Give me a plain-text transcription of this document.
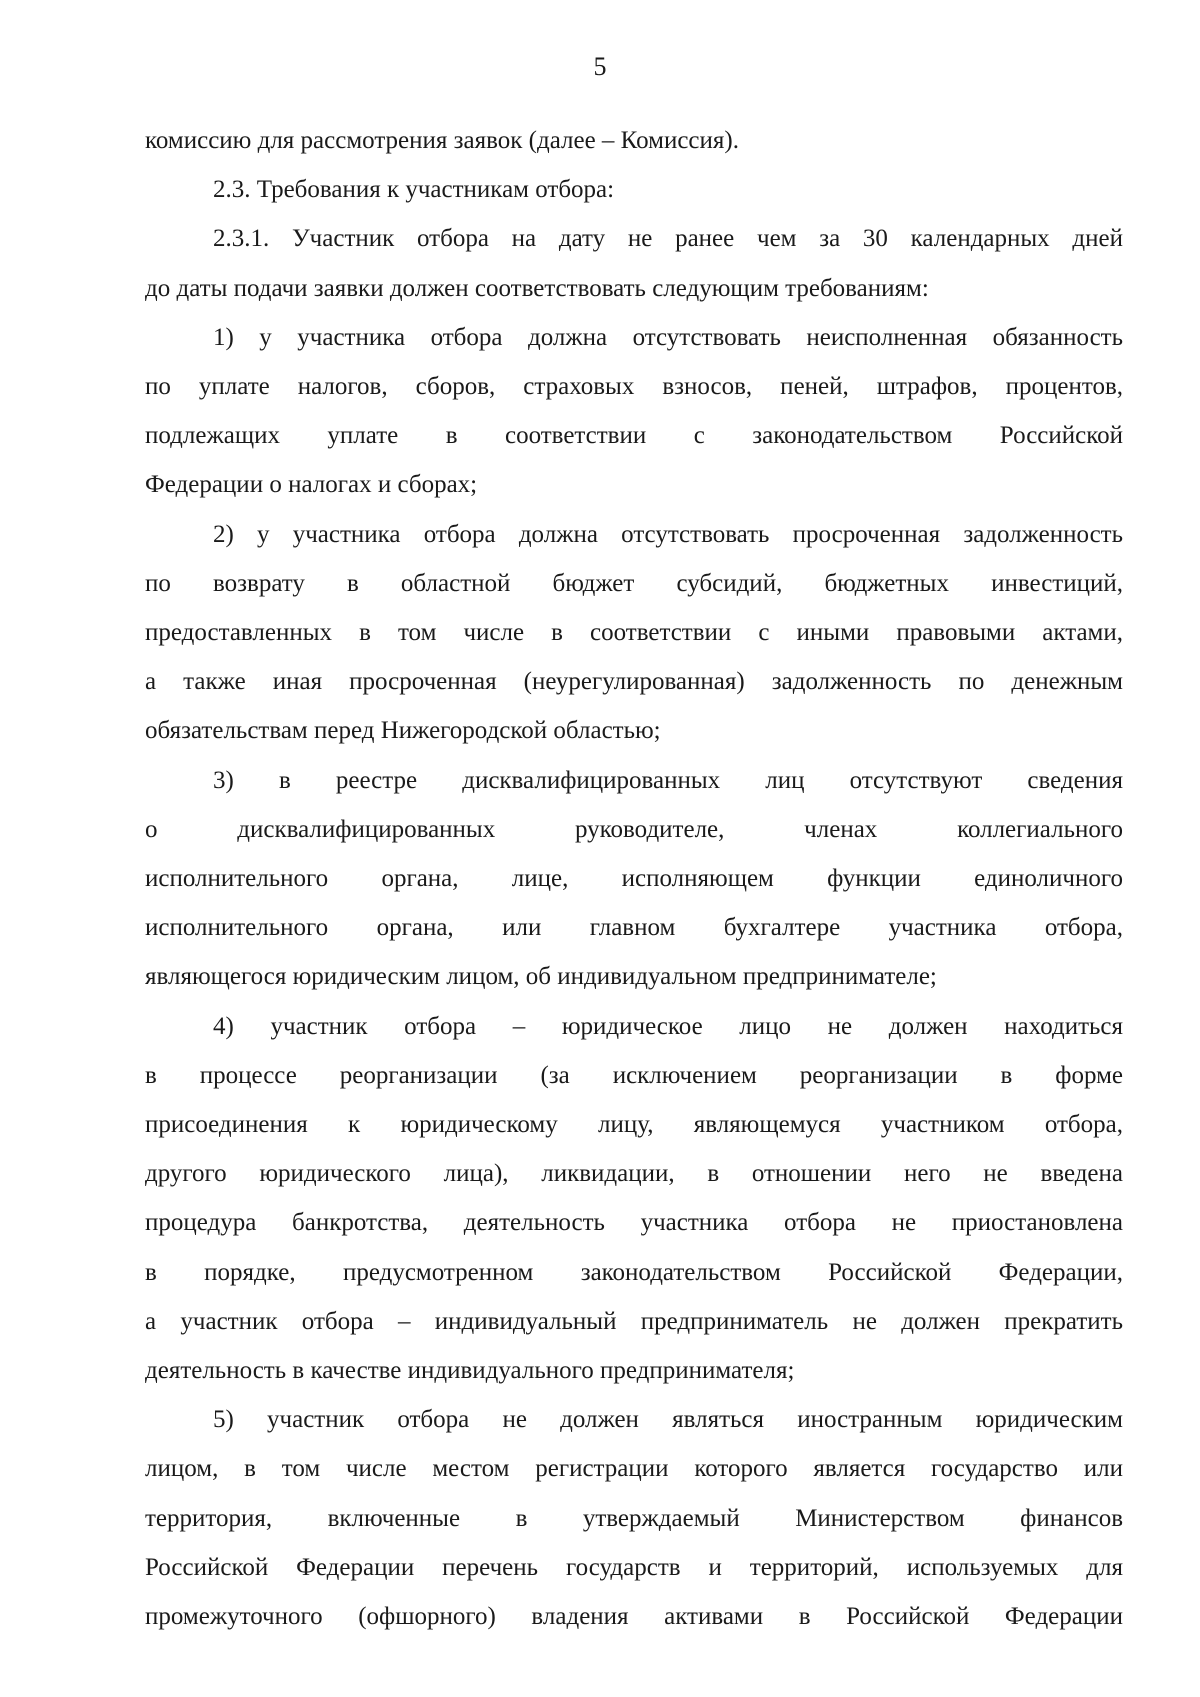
5
комиссию для рассмотрения заявок (далее – Комиссия).
2.3. Требования к участникам отбора:
2.3.1. Участник отбора на дату не ранее чем за 30 календарных дней
до даты подачи заявки должен соответствовать следующим требованиям:
1) у участника отбора должна отсутствовать неисполненная обязанность
по уплате налогов, сборов, страховых взносов, пеней, штрафов, процентов,
подлежащих уплате в соответствии с законодательством Российской
Федерации о налогах и сборах;
2) у участника отбора должна отсутствовать просроченная задолженность
по возврату в областной бюджет субсидий, бюджетных инвестиций,
предоставленных в том числе в соответствии с иными правовыми актами,
а также иная просроченная (неурегулированная) задолженность по денежным
обязательствам перед Нижегородской областью;
3) в реестре дисквалифицированных лиц отсутствуют сведения
о дисквалифицированных руководителе, членах коллегиального
исполнительного органа, лице, исполняющем функции единоличного
исполнительного органа, или главном бухгалтере участника отбора,
являющегося юридическим лицом, об индивидуальном предпринимателе;
4) участник отбора – юридическое лицо не должен находиться
в процессе реорганизации (за исключением реорганизации в форме
присоединения к юридическому лицу, являющемуся участником отбора,
другого юридического лица), ликвидации, в отношении него не введена
процедура банкротства, деятельность участника отбора не приостановлена
в порядке, предусмотренном законодательством Российской Федерации,
а участник отбора – индивидуальный предприниматель не должен прекратить
деятельность в качестве индивидуального предпринимателя;
5) участник отбора не должен являться иностранным юридическим
лицом, в том числе местом регистрации которого является государство или
территория, включенные в утверждаемый Министерством финансов
Российской Федерации перечень государств и территорий, используемых для
промежуточного (офшорного) владения активами в Российской Федерации
